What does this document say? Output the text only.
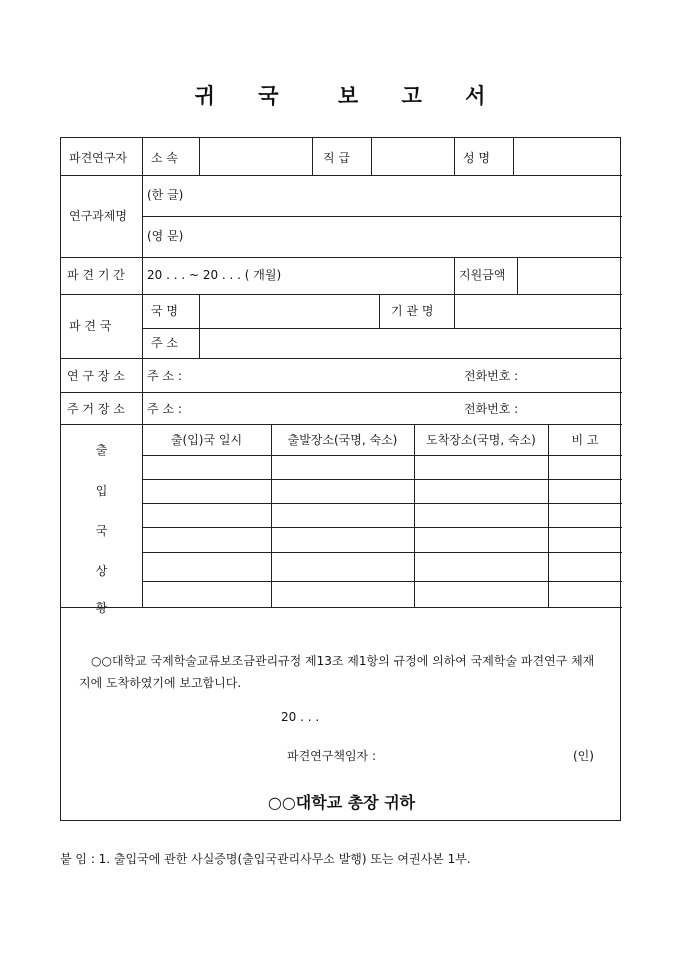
귀 국	보 고 서
파견연구자 소 속	직 급	성 명
연구과제명
(한 글)
(영 문)
파 견 기 간 20 . . . ~ 20 . . . ( 개월)	지원금액
파 견 국
국 명	기 관 명
주 소
연 구 장 소 주 소 :	전화번호 :
주 거 장 소 주 소 :	전화번호 :
출
입
국
상
황
출(입)국 일시	출발장소(국명, 숙소)	도착장소(국명, 숙소)	비 고
○○대학교 국제학술교류보조금관리규정 제13조 제1항의 규정에 의하여 국제학술 파견연구 체재지에 도착하였기에 보고합니다.
20 . . .
파견연구책임자 :	(인)
○○대학교 총장 귀하
붙 임 : 1. 출입국에 관한 사실증명(출입국관리사무소 발행) 또는 여권사본 1부.
